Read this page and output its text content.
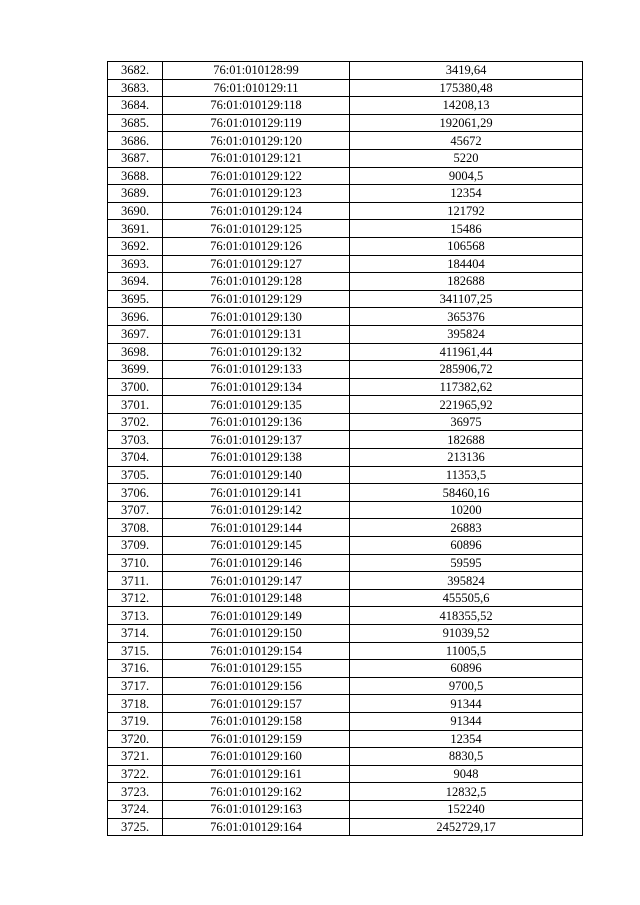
3682.	76:01:010128:99	3419,64
3683.	76:01:010129:11	175380,48
3684.	76:01:010129:118	14208,13
3685.	76:01:010129:119	192061,29
3686.	76:01:010129:120	45672
3687.	76:01:010129:121	5220
3688.	76:01:010129:122	9004,5
3689.	76:01:010129:123	12354
3690.	76:01:010129:124	121792
3691.	76:01:010129:125	15486
3692.	76:01:010129:126	106568
3693.	76:01:010129:127	184404
3694.	76:01:010129:128	182688
3695.	76:01:010129:129	341107,25
3696.	76:01:010129:130	365376
3697.	76:01:010129:131	395824
3698.	76:01:010129:132	411961,44
3699.	76:01:010129:133	285906,72
3700.	76:01:010129:134	117382,62
3701.	76:01:010129:135	221965,92
3702.	76:01:010129:136	36975
3703.	76:01:010129:137	182688
3704.	76:01:010129:138	213136
3705.	76:01:010129:140	11353,5
3706.	76:01:010129:141	58460,16
3707.	76:01:010129:142	10200
3708.	76:01:010129:144	26883
3709.	76:01:010129:145	60896
3710.	76:01:010129:146	59595
3711.	76:01:010129:147	395824
3712.	76:01:010129:148	455505,6
3713.	76:01:010129:149	418355,52
3714.	76:01:010129:150	91039,52
3715.	76:01:010129:154	11005,5
3716.	76:01:010129:155	60896
3717.	76:01:010129:156	9700,5
3718.	76:01:010129:157	91344
3719.	76:01:010129:158	91344
3720.	76:01:010129:159	12354
3721.	76:01:010129:160	8830,5
3722.	76:01:010129:161	9048
3723.	76:01:010129:162	12832,5
3724.	76:01:010129:163	152240
3725.	76:01:010129:164	2452729,17
